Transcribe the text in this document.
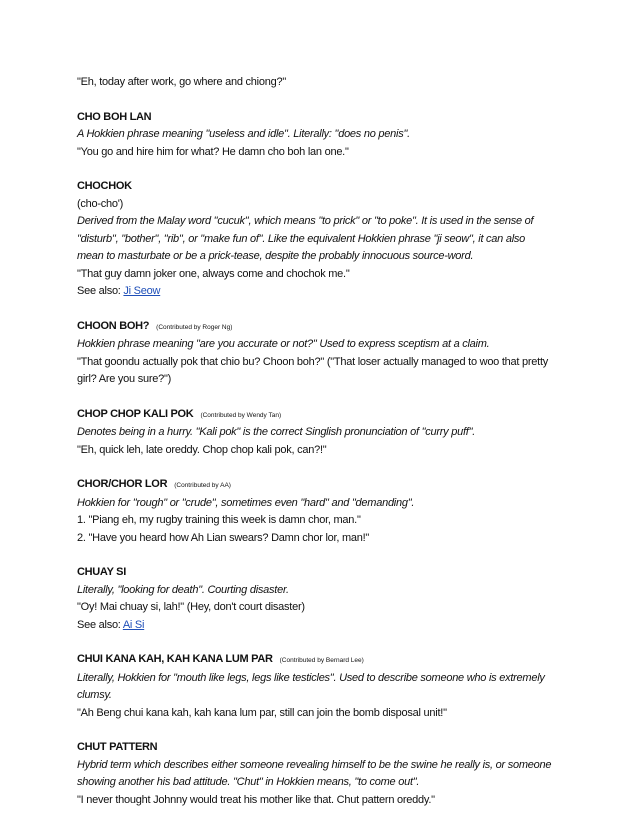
"Eh, today after work, go where and chiong?"
CHO BOH LAN
A Hokkien phrase meaning "useless and idle". Literally: "does no penis".
"You go and hire him for what? He damn cho boh lan one."
CHOCHOK
(cho-cho')
Derived from the Malay word "cucuk", which means "to prick" or "to poke". It is used in the sense of
"disturb", "bother", "rib", or "make fun of". Like the equivalent Hokkien phrase "ji seow", it can also
mean to masturbate or be a prick-tease, despite the probably innocuous source-word.
"That guy damn joker one, always come and chochok me."
See also: Ji Seow
CHOON BOH? (Contributed by Roger Ng)
Hokkien phrase meaning "are you accurate or not?" Used to express sceptism at a claim.
"That goondu actually pok that chio bu? Choon boh?" ("That loser actually managed to woo that pretty
girl? Are you sure?")
CHOP CHOP KALI POK (Contributed by Wendy Tan)
Denotes being in a hurry. "Kali pok" is the correct Singlish pronunciation of "curry puff".
"Eh, quick leh, late oreddy. Chop chop kali pok, can?!"
CHOR/CHOR LOR (Contributed by AA)
Hokkien for "rough" or "crude", sometimes even "hard" and "demanding".
1. "Piang eh, my rugby training this week is damn chor, man."
2. "Have you heard how Ah Lian swears? Damn chor lor, man!"
CHUAY SI
Literally, "looking for death". Courting disaster.
"Oy! Mai chuay si, lah!" (Hey, don't court disaster)
See also: Ai Si
CHUI KANA KAH, KAH KANA LUM PAR (Contributed by Bernard Lee)
Literally, Hokkien for "mouth like legs, legs like testicles". Used to describe someone who is extremely
clumsy.
"Ah Beng chui kana kah, kah kana lum par, still can join the bomb disposal unit!"
CHUT PATTERN
Hybrid term which describes either someone revealing himself to be the swine he really is, or someone
showing another his bad attitude. "Chut" in Hokkien means, "to come out".
"I never thought Johnny would treat his mother like that. Chut pattern oreddy."
